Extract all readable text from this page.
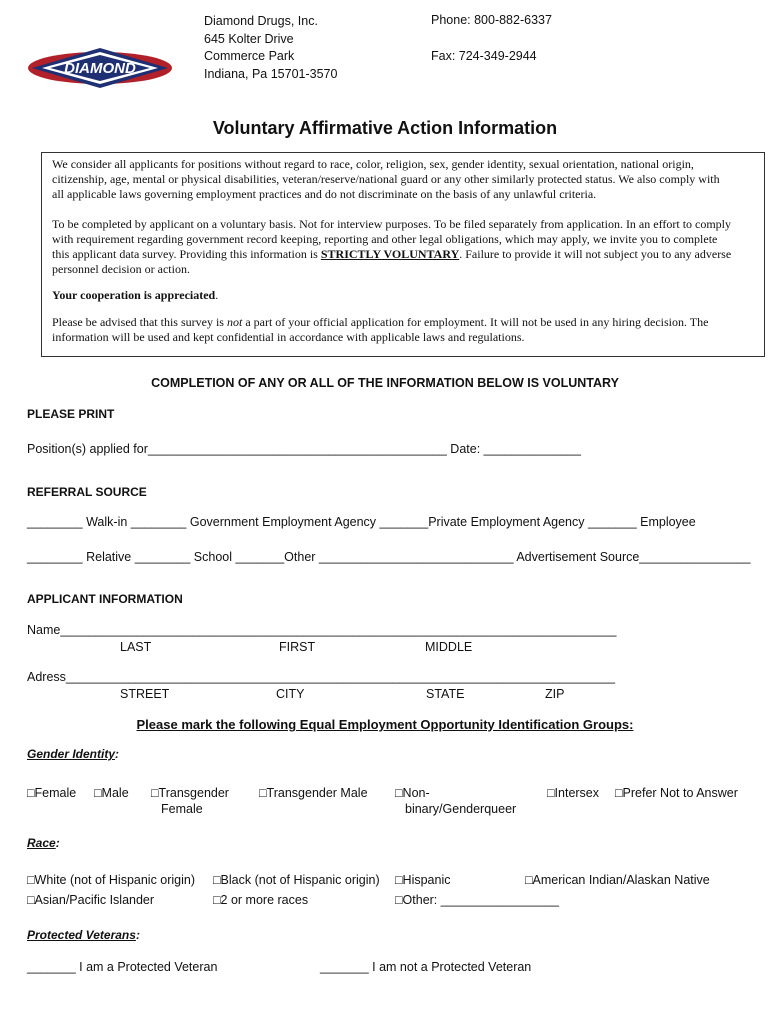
DIAMOND
Diamond Drugs, Inc.
645 Kolter Drive
Commerce Park
Indiana, Pa 15701-3570
Phone: 800-882-6337
Fax: 724-349-2944
Voluntary Affirmative Action Information

We consider all applicants for positions without regard to race, color, religion, sex, gender identity, sexual orientation, national origin, citizenship, age, mental or physical disabilities, veteran/reserve/national guard or any other similarly protected status. We also comply with all applicable laws governing employment practices and do not discriminate on the basis of any unlawful criteria.

To be completed by applicant on a voluntary basis. Not for interview purposes. To be filed separately from application. In an effort to comply with requirement regarding government record keeping, reporting and other legal obligations, which may apply, we invite you to complete this applicant data survey. Providing this information is STRICTLY VOLUNTARY. Failure to provide it will not subject you to any adverse personnel decision or action.

Your cooperation is appreciated.

Please be advised that this survey is not a part of your official application for employment. It will not be used in any hiring decision. The information will be used and kept confidential in accordance with applicable laws and regulations.

COMPLETION OF ANY OR ALL OF THE INFORMATION BELOW IS VOLUNTARY
PLEASE PRINT
Position(s) applied for___________________________________________ Date: ______________
REFERRAL SOURCE
________ Walk-in ________ Government Employment Agency _______Private Employment Agency _______ Employee
________ Relative ________ School _______Other ____________________________ Advertisement Source________________
APPLICANT INFORMATION
Name________________________________________________________________________________
LAST	FIRST	MIDDLE
Adress_______________________________________________________________________________
STREET	CITY	STATE	ZIP
Please mark the following Equal Employment Opportunity Identification Groups:
Gender Identity:
□Female □Male □Transgender
Female
□Transgender Male □Non-
binary/Genderqueer
□Intersex □Prefer Not to Answer
Race:
□White (not of Hispanic origin) □Black (not of Hispanic origin) □Hispanic	□American Indian/Alaskan Native
□Asian/Pacific Islander	□2 or more races	□Other: _________________
Protected Veterans:
_______ I am a Protected Veteran	_______ I am not a Protected Veteran
